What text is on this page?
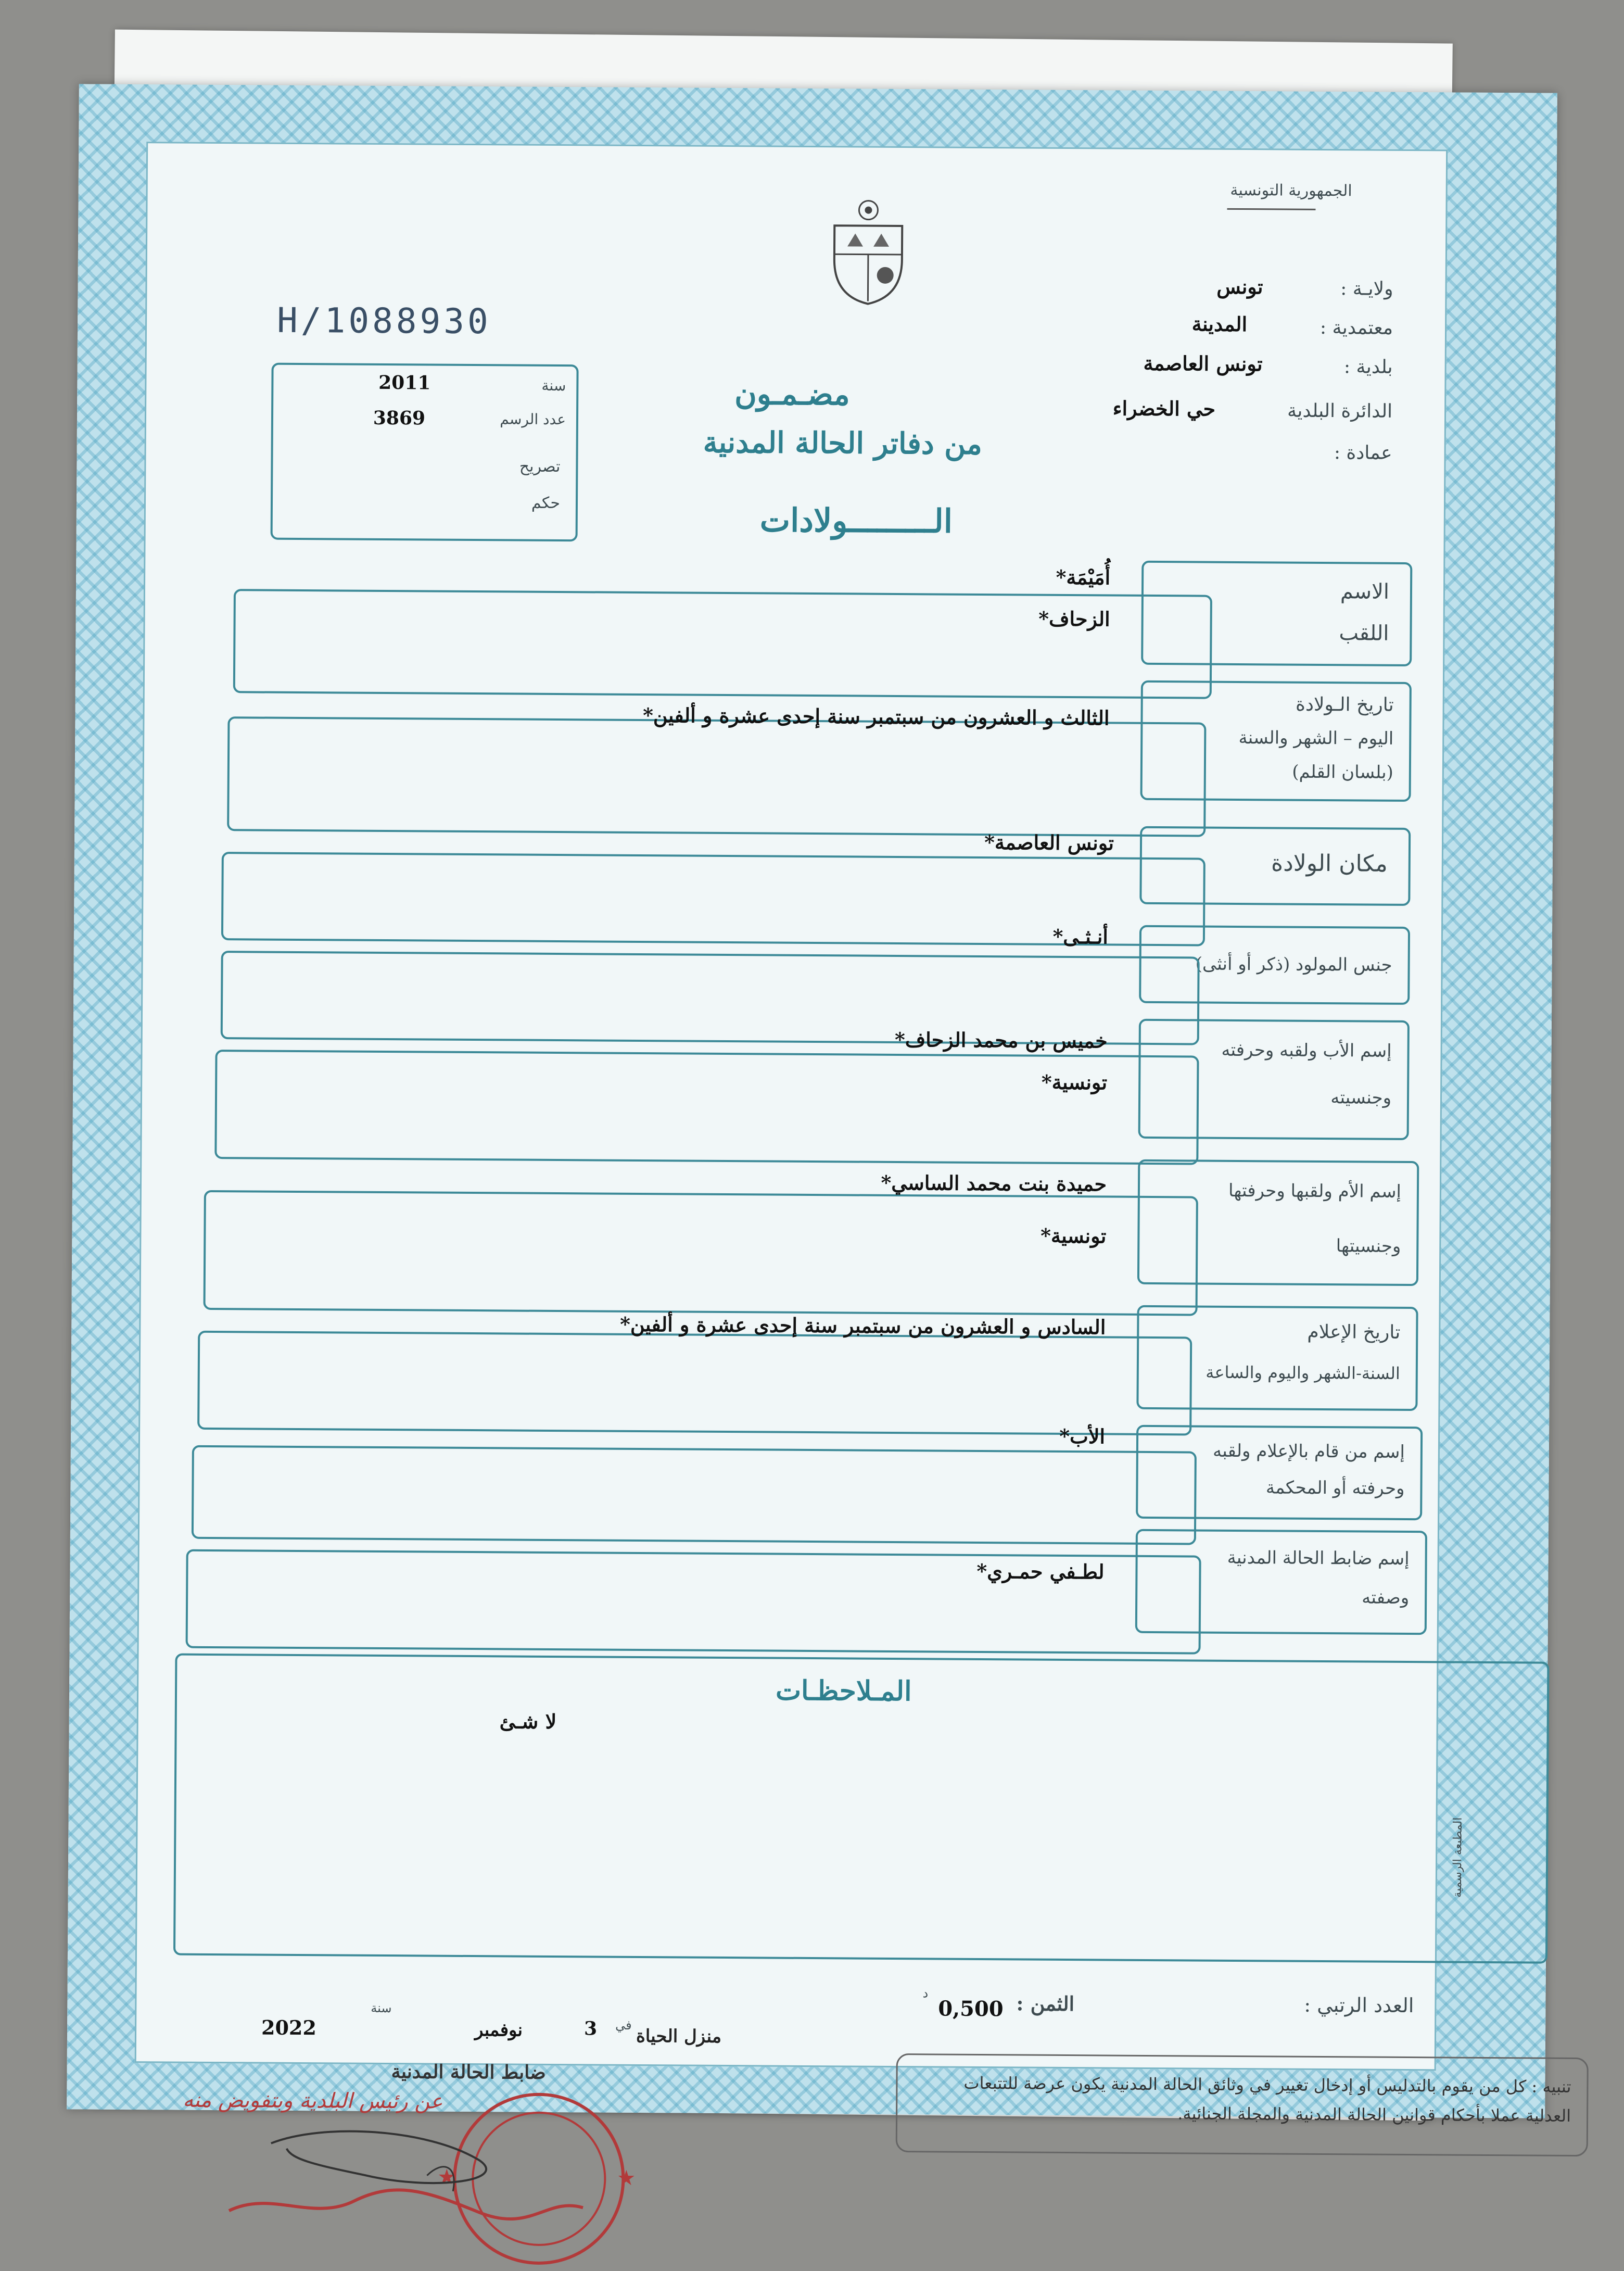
الجمهورية التونسية
ولايـة :
تونس
معتمدية :
المدينة
بلدية :
تونس العاصمة
الدائرة البلدية
حي الخضراء
عمادة :
H/1088930
سنة
2011
عدد الرسم
3869
تصريح
حكم
مضـمـون
من دفاتر الحالة المدنية
الـــــــــولادات
الاسم
اللقب
أُمَيْمَة*
الزحاف*
تاريخ الـولادة
اليوم – الشهر والسنة
(بلسان القلم)
الثالث و العشرون من سبتمبر سنة إحدى عشرة و ألفين*
مكان الولادة
تونس العاصمة*
جنس المولود (ذكر أو أنثى)
أنـثـى*
إسم الأب ولقبه وحرفته
وجنسيته
خميس بن محمد الزحاف*
تونسية*
إسم الأم ولقبها وحرفتها
وجنسيتها
حميدة بنت محمد الساسي*
تونسية*
تاريخ الإعلام
السنة-الشهر واليوم والساعة
السادس و العشرون من سبتمبر سنة إحدى عشرة و ألفين*
إسم من قام بالإعلام ولقبه
وحرفته أو المحكمة
الأب*
إسم ضابط الحالة المدنية
وصفته
لطـفي حمـري*
المـلاحظـات
لا شـئ
المطبعة الرسمية
العدد الرتبي :
الثمن :
0,500
د
منزل الحياة
في
3
نوفمبر
سنة
2022
ضابط الحالة المدنية
عن رئيس البلدية وبتفويض منه
★	★
تنبيه : كل من يقوم بالتدليس أو إدخال تغيير في وثائق الحالة المدنية يكون عرضة للتتبعات العدلية عملا بأحكام قوانين الحالة المدنية والمجلة الجنائية.
